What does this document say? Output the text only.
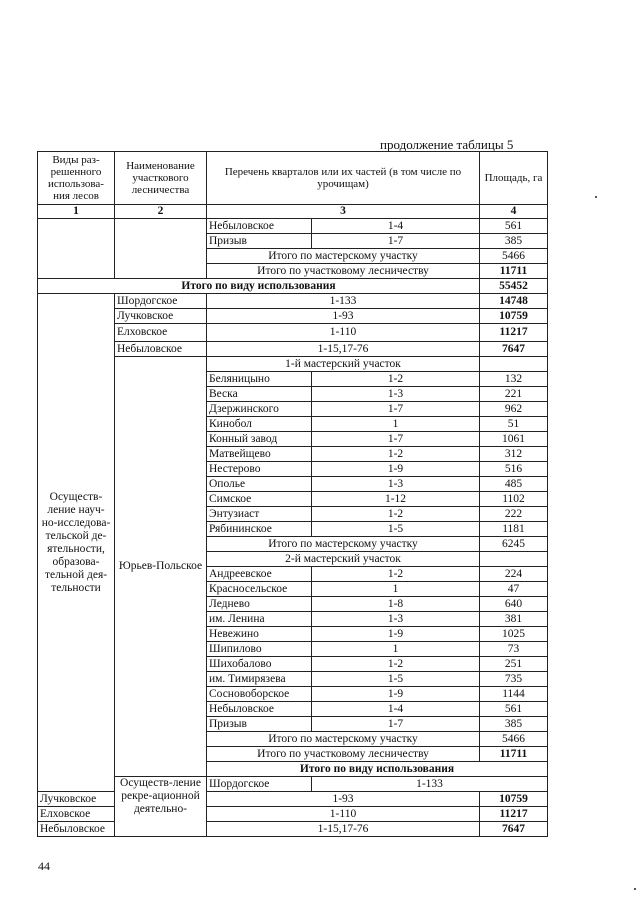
продолжение таблицы 5
Виды раз-решенного использова-ния лесов	Наименование участкового лесничества	Перечень кварталов или их частей (в том числе по урочищам)		Площадь, га	
1	2	3		4	
		Небыловское	1-4	561	
		Призыв	1-7	385	
		Итого по мастерскому участку		5466	
		Итого по участковому лесничеству		11711	
Итого по виду использования				55452	
Осуществ-ление науч-но-исследова-тельской де-ятельности, образова-тельной дея-тельности	Шордогское	1-133		14748	
	Лучковское	1-93		10759	
	Елховское	1-110		11217	
	Небыловское	1-15,17-76		7647	
	Юрьев-Польское	1-й мастерский участок			
		Беляницыно	1-2	132	
		Веска	1-3	221	
		Дзержинского	1-7	962	
		Кинобол	1	51	
		Конный завод	1-7	1061	
		Матвейщево	1-2	312	
		Нестерово	1-9	516	
		Ополье	1-3	485	
		Симское	1-12	1102	
		Энтузиаст	1-2	222	
		Рябининское	1-5	1181	
		Итого по мастерскому участку		6245	
		2-й мастерский участок			
		Андреевское	1-2	224	
		Красносельское	1	47	
		Леднево	1-8	640	
		им. Ленина	1-3	381	
		Невежино	1-9	1025	
		Шипилово	1	73	
		Шихобалово	1-2	251	
		им. Тимирязева	1-5	735	
		Сосновоборское	1-9	1144	
		Небыловское	1-4	561	
		Призыв	1-7	385	
		Итого по мастерскому участку		5466	
		Итого по участковому лесничеству		11711	
		Итого по виду использования	
	Осуществ-ление рекре-ационной деятельно-	Шордогское	1-133	
Лучковское		1-93		10759	
Елховское		1-110		11217	
Небыловское		1-15,17-76		7647	
44
